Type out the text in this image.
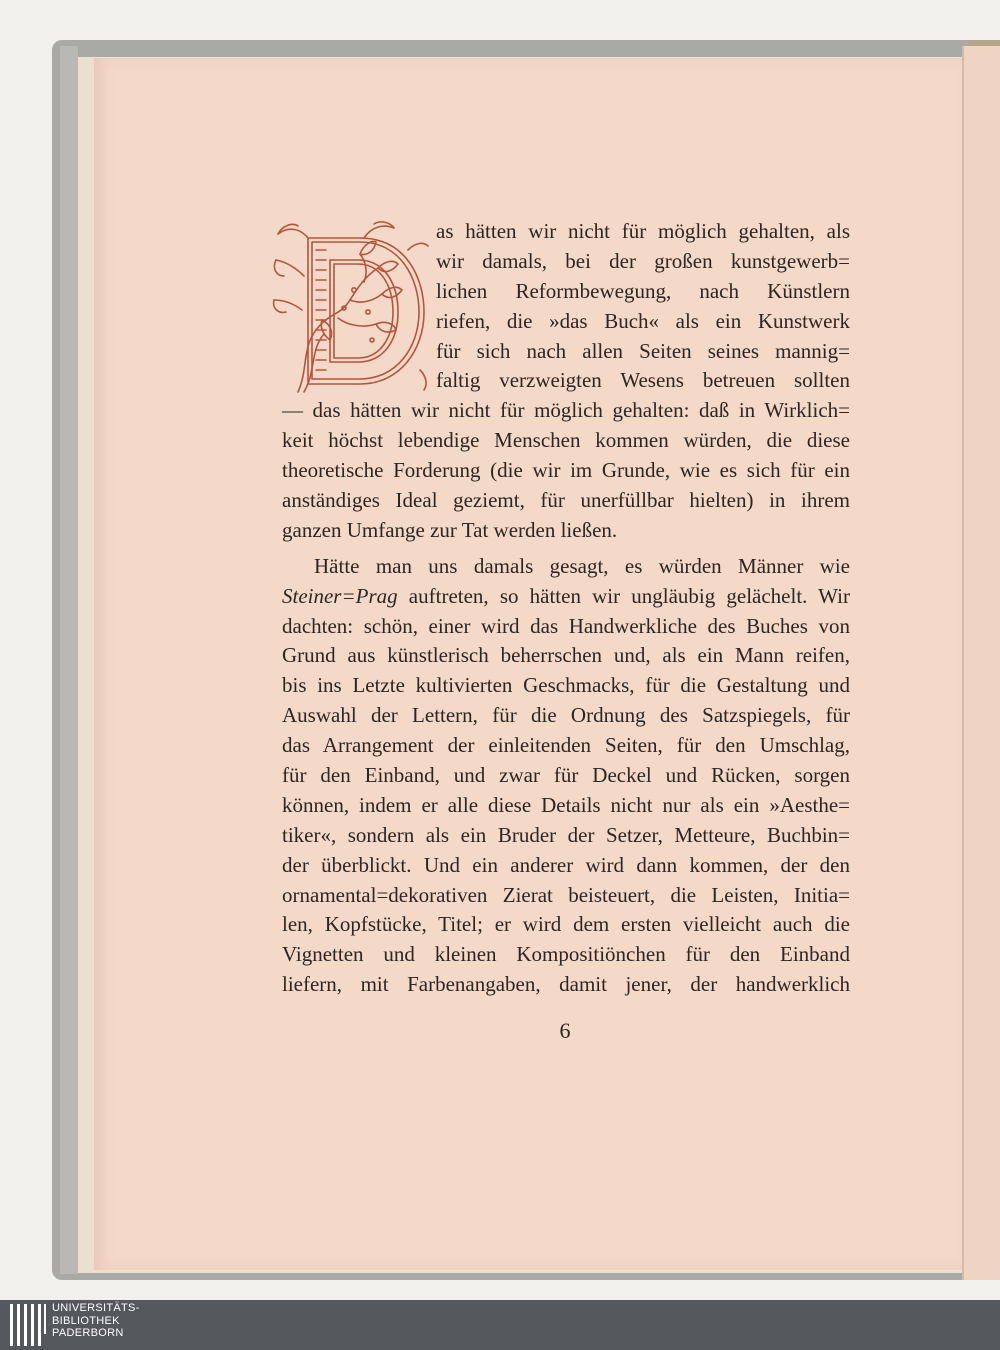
as hätten wir nicht für möglich gehalten, als
wir damals, bei der großen kunstgewerb=
lichen Reformbewegung, nach Künstlern
riefen, die »das Buch« als ein Kunstwerk
für sich nach allen Seiten seines mannig=
faltig verzweigten Wesens betreuen sollten
— das hätten wir nicht für möglich gehalten: daß in Wirklich=
keit höchst lebendige Menschen kommen würden, die diese
theoretische Forderung (die wir im Grunde, wie es sich für ein
anständiges Ideal geziemt, für unerfüllbar hielten) in ihrem
ganzen Umfange zur Tat werden ließen.
Hätte man uns damals gesagt, es würden Männer wie
Steiner=Prag auftreten, so hätten wir ungläubig gelächelt. Wir
dachten: schön, einer wird das Handwerkliche des Buches von
Grund aus künstlerisch beherrschen und, als ein Mann reifen,
bis ins Letzte kultivierten Geschmacks, für die Gestaltung und
Auswahl der Lettern, für die Ordnung des Satzspiegels, für
das Arrangement der einleitenden Seiten, für den Umschlag,
für den Einband, und zwar für Deckel und Rücken, sorgen
können, indem er alle diese Details nicht nur als ein »Aesthe=
tiker«, sondern als ein Bruder der Setzer, Metteure, Buchbin=
der überblickt. Und ein anderer wird dann kommen, der den
ornamental=dekorativen Zierat beisteuert, die Leisten, Initia=
len, Kopfstücke, Titel; er wird dem ersten vielleicht auch die
Vignetten und kleinen Kompositiönchen für den Einband
liefern, mit Farbenangaben, damit jener, der handwerklich
6
UNIVERSITÄTS-
BIBLIOTHEK
PADERBORN
